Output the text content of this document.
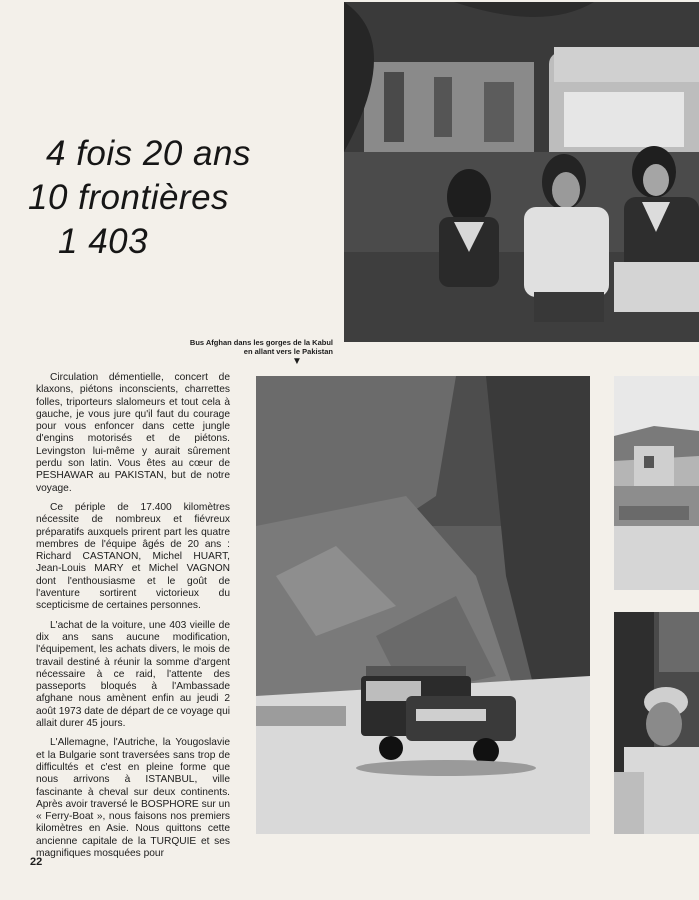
4 fois 20 ans
10 frontières
1 403
Bus Afghan dans les gorges de la Kabul
en allant vers le Pakistan
▼

Circulation démentielle, concert de klaxons, piétons inconscients, charrettes folles, triporteurs slalomeurs et tout cela à gauche, je vous jure qu'il faut du courage pour vous enfoncer dans cette jungle d'engins motorisés et de piétons. Levingston lui-même y aurait sûrement perdu son latin. Vous êtes au cœur de PESHAWAR au PAKISTAN, but de notre voyage.

Ce périple de 17.400 kilomètres nécessite de nombreux et fiévreux préparatifs auxquels prirent part les quatre membres de l'équipe âgés de 20 ans : Richard CASTANON, Michel HUART, Jean-Louis MARY et Michel VAGNON dont l'enthousiasme et le goût de l'aventure sortirent victorieux du scepticisme de certaines personnes.

L'achat de la voiture, une 403 vieille de dix ans sans aucune modification, l'équipement, les achats divers, le mois de travail destiné à réunir la somme d'argent nécessaire à ce raid, l'attente des passeports bloqués à l'Ambassade afghane nous amènent enfin au jeudi 2 août 1973 date de départ de ce voyage qui allait durer 45 jours.

L'Allemagne, l'Autriche, la Yougoslavie et la Bulgarie sont traversées sans trop de difficultés et c'est en pleine forme que nous arrivons à ISTANBUL, ville fascinante à cheval sur deux continents. Après avoir traversé le BOSPHORE sur un « Ferry-Boat », nous faisons nos premiers kilomètres en Asie. Nous quittons cette ancienne capitale de la TURQUIE et ses magnifiques mosquées pour

22
